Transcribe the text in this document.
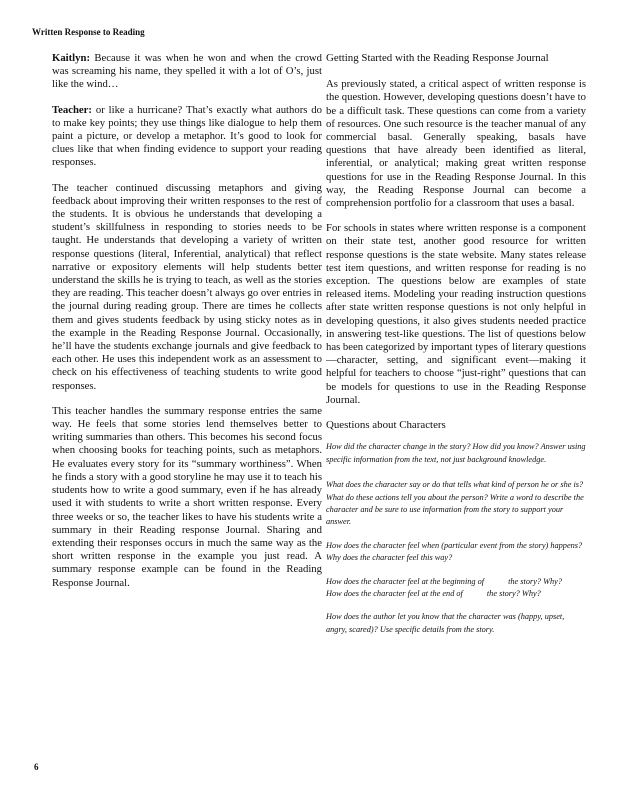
Written Response to Reading

Kaitlyn: Because it was when he won and when the crowd was screaming his name, they spelled it with a lot of O’s, just like the wind…

Teacher: or like a hurricane? That’s exactly what authors do to make key points; they use things like dialogue to help them paint a picture, or develop a metaphor. It’s good to look for clues like that when finding evidence to support your reading responses.

The teacher continued discussing metaphors and giving feedback about improving their written responses to the rest of the students. It is obvious he understands that developing a student’s skillfulness in responding to stories needs to be taught. He understands that developing a variety of written response questions (literal, Inferential, analytical) that reflect narrative or expository elements will help students better understand the skills he is trying to teach, as well as the stories they are reading. This teacher doesn’t always go over entries in the journal during reading group. There are times he collects them and gives students feedback by using sticky notes as in the example in the Reading Response Journal. Occasionally, he’ll have the students exchange journals and give feedback to each other. He uses this independent work as an assessment to check on his effectiveness of teaching students to write good responses.

This teacher handles the summary response entries the same way. He feels that some stories lend themselves better to writing summaries than others. This becomes his second focus when choosing books for teaching points, such as metaphors. He evaluates every story for its “summary worthiness”. When he finds a story with a good storyline he may use it to teach his students how to write a good summary, even if he has already used it with students to write a short written response. Every three weeks or so, the teacher likes to have his students write a summary in their Reading response Journal. Sharing and extending their responses occurs in much the same way as the short written response in the example you just read. A summary response example can be found in the Reading Response Journal.

Getting Started with the Reading Response Journal

As previously stated, a critical aspect of written response is the question. However, developing questions doesn’t have to be a difficult task. These questions can come from a variety of resources. One such resource is the teacher manual of any commercial basal. Generally speaking, basals have questions that have already been identified as literal, inferential, or analytical; making great written response questions for use in the Reading Response Journal. In this way, the Reading Response Journal can become a comprehension portfolio for a classroom that uses a basal.

For schools in states where written response is a component on their state test, another good resource for written response questions is the state website. Many states release test item questions, and written response for reading is no exception. The questions below are examples of state released items. Modeling your reading instruction questions after state written response questions is not only helpful in developing questions, it also gives students needed practice in answering test-like questions. The list of questions below has been categorized by important types of literary questions—character, setting, and significant event—making it helpful for teachers to choose “just-right” questions that can be models for questions to use in the Reading Response Journal.

Questions about Characters
How did the character change in the story? How did you know? Answer using specific information from the text, not just background knowledge.
What does the character say or do that tells what kind of person he or she is? What do these actions tell you about the person? Write a word to describe the character and be sure to use information from the story to support your answer.
How does the character feel when (particular event from the story) happens? Why does the character feel this way?
How does the character feel at the beginning of	the story? Why?
How does the character feel at the end of	the story? Why?
How does the author let you know that the character was (happy, upset, angry, scared)? Use specific details from the story.
6
